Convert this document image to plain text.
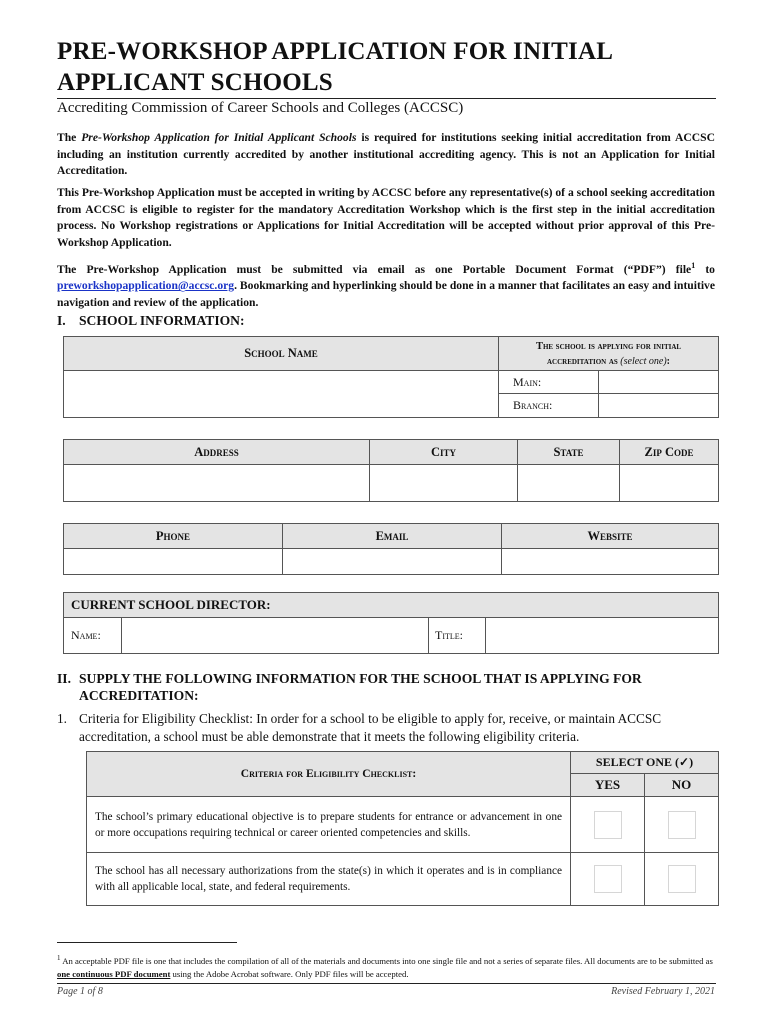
PRE-WORKSHOP APPLICATION FOR INITIAL APPLICANT SCHOOLS
Accrediting Commission of Career Schools and Colleges (ACCSC)

The Pre-Workshop Application for Initial Applicant Schools is required for institutions seeking initial accreditation from ACCSC including an institution currently accredited by another institutional accrediting agency. This is not an Application for Initial Accreditation.

This Pre-Workshop Application must be accepted in writing by ACCSC before any representative(s) of a school seeking accreditation from ACCSC is eligible to register for the mandatory Accreditation Workshop which is the first step in the initial accreditation process. No Workshop registrations or Applications for Initial Accreditation will be accepted without prior approval of this Pre-Workshop Application.

The Pre-Workshop Application must be submitted via email as one Portable Document Format (“PDF”) file$^1$ to preworkshopapplication@accsc.org. Bookmarking and hyperlinking should be done in a manner that facilitates an easy and intuitive navigation and review of the application.

I. SCHOOL INFORMATION:
School Name	The school is applying for initial
accreditation as (select one):	

	Main:	
	Branch:	
Address	City	State	Zip Code

Phone	Email	Website

CURRENT SCHOOL DIRECTOR:
Name:		Title:	
II. SUPPLY THE FOLLOWING INFORMATION FOR THE SCHOOL THAT IS APPLYING FOR ACCREDITATION:
1. Criteria for Eligibility Checklist: In order for a school to be eligible to apply for, receive, or maintain ACCSC accreditation, a school must be able demonstrate that it meets the following eligibility criteria.
Criteria for Eligibility Checklist:	SELECT ONE (✓)	
	YES	NO
The school’s primary educational objective is to prepare students for entrance or advancement in one or more occupations requiring technical or career oriented competencies and skills.	

The school has all necessary authorizations from the state(s) in which it operates and is in compliance with all applicable local, state, and federal requirements.	

$^1$ An acceptable PDF file is one that includes the compilation of all of the materials and documents into one single file and not a series of separate files. All documents are to be submitted as one continuous PDF document using the Adobe Acrobat software. Only PDF files will be accepted.
Page 1 of 8	Revised February 1, 2021
